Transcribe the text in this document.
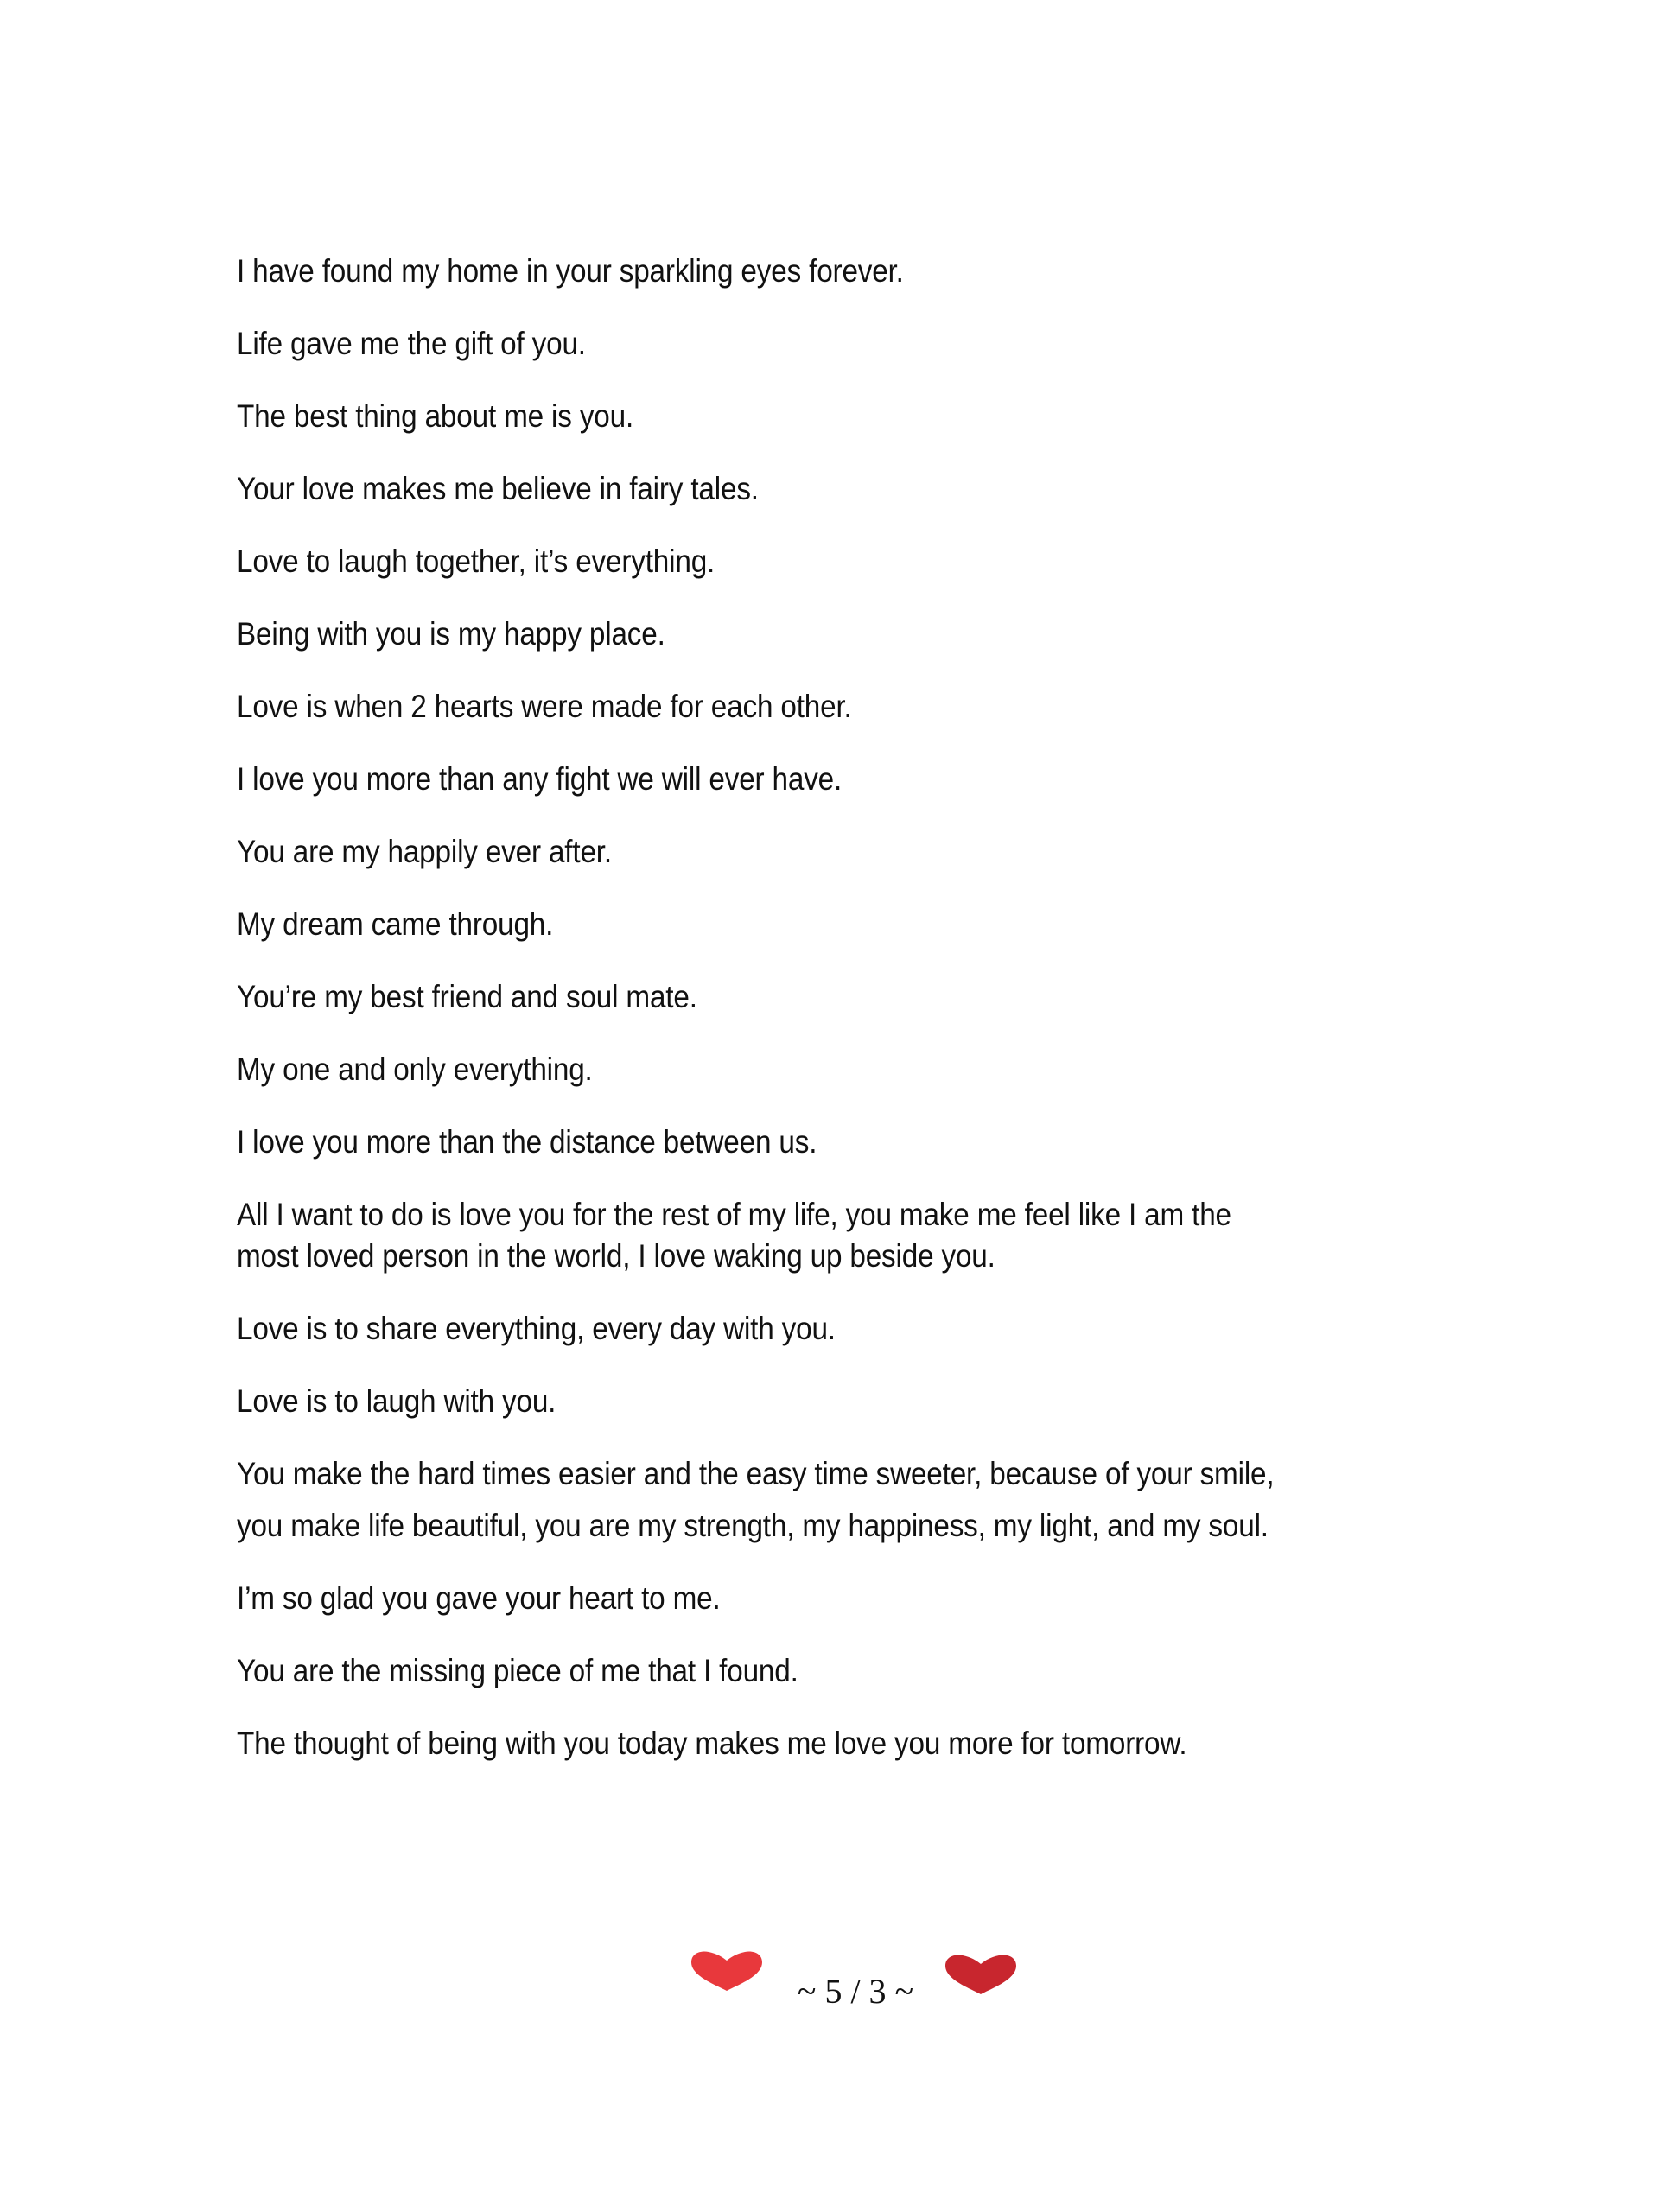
I have found my home in your sparkling eyes forever.

Life gave me the gift of you.

The best thing about me is you.

Your love makes me believe in fairy tales.

Love to laugh together, it’s everything.

Being with you is my happy place.

Love is when 2 hearts were made for each other.

I love you more than any fight we will ever have.

You are my happily ever after.

My dream came through.

You’re my best friend and soul mate.

My one and only everything.

I love you more than the distance between us.

All I want to do is love you for the rest of my life, you make me feel like I am the
most loved person in the world, I love waking up beside you.

Love is to share everything, every day with you.

Love is to laugh with you.

You make the hard times easier and the easy time sweeter, because of your smile,
you make life beautiful, you are my strength, my happiness, my light, and my soul.

I’m so glad you gave your heart to me.

You are the missing piece of me that I found.

The thought of being with you today makes me love you more for tomorrow.

~ 5 / 3 ~
